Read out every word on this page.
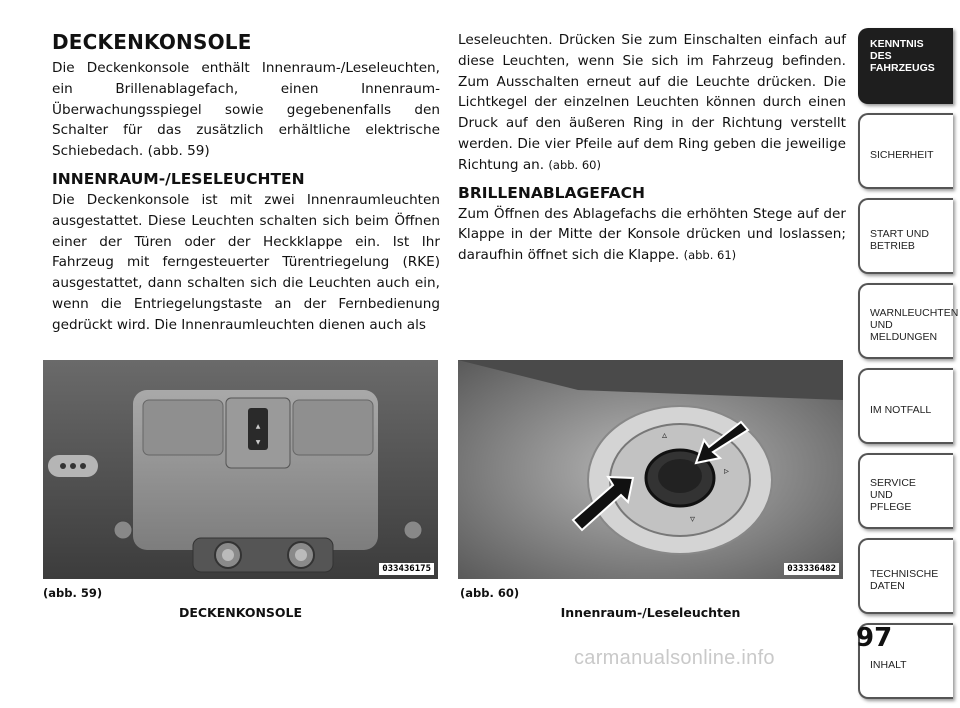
DECKENKONSOLE

Die Deckenkonsole enthält Innenraum-/Leseleuchten, ein Brillenablagefach, einen Innenraum-Überwachungsspiegel sowie gegebenenfalls den Schalter für das zusätzlich erhältliche elektrische Schiebedach. (abb. 59)

INNENRAUM-/LESELEUCHTEN

Die Deckenkonsole ist mit zwei Innenraumleuchten ausgestattet. Diese Leuchten schalten sich beim Öffnen einer der Türen oder der Heckklappe ein. Ist Ihr Fahrzeug mit ferngesteuerter Türentriegelung (RKE) ausgestattet, dann schalten sich die Leuchten auch ein, wenn die Entriegelungstaste an der Fernbedienung gedrückt wird. Die Innenraumleuchten dienen auch als

Leseleuchten. Drücken Sie zum Einschalten einfach auf diese Leuchten, wenn Sie sich im Fahrzeug befinden. Zum Ausschalten erneut auf die Leuchte drücken. Die Lichtkegel der einzelnen Leuchten können durch einen Druck auf den äußeren Ring in der Richtung verstellt werden. Die vier Pfeile auf dem Ring geben die jeweilige Richtung an. (abb. 60)

BRILLENABLAGEFACH

Zum Öffnen des Ablagefachs die erhöhten Stege auf der Klappe in der Mitte der Konsole drücken und loslassen; daraufhin öffnet sich die Klappe. (abb. 61)

▲
▼
033436175
▵
▹
▿
033336482
(abb. 59)
DECKENKONSOLE
(abb. 60)
Innenraum-/Leseleuchten
KENNTNIS
DES
FAHRZEUGS
SICHERHEIT
START UND
BETRIEB
WARNLEUCHTEN
UND
MELDUNGEN
IM NOTFALL
SERVICE
UND
PFLEGE
TECHNISCHE
DATEN
INHALT
97
carmanualsonline.info
